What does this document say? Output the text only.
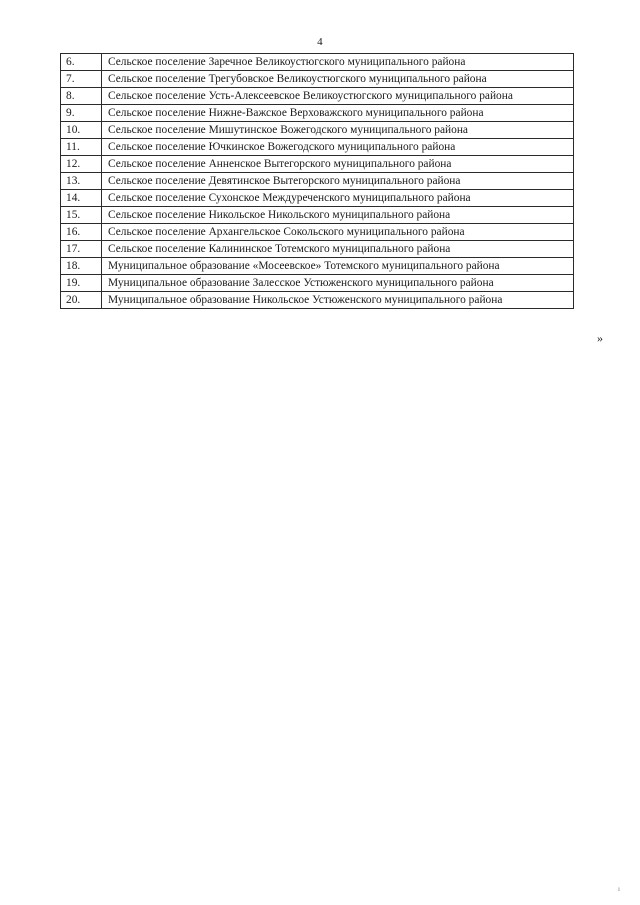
4
6.	Сельское поселение Заречное Великоустюгского муниципального района
7.	Сельское поселение Трегубовское Великоустюгского муниципального района
8.	Сельское поселение Усть-Алексеевское Великоустюгского муниципального района
9.	Сельское поселение Нижне-Важское Верховажского муниципального района
10.	Сельское поселение Мишутинское Вожегодского муниципального района
11.	Сельское поселение Ючкинское Вожегодского муниципального района
12.	Сельское поселение Анненское Вытегорского муниципального района
13.	Сельское поселение Девятинское Вытегорского муниципального района
14.	Сельское поселение Сухонское Междуреченского муниципального района
15.	Сельское поселение Никольское Никольского муниципального района
16.	Сельское поселение Архангельское Сокольского муниципального района
17.	Сельское поселение Калининское Тотемского муниципального района
18.	Муниципальное образование «Мосеевское» Тотемского муниципального района
19.	Муниципальное образование Залесское Устюженского муниципального района
20.	Муниципальное образование Никольское Устюженского муниципального района
»
ı
